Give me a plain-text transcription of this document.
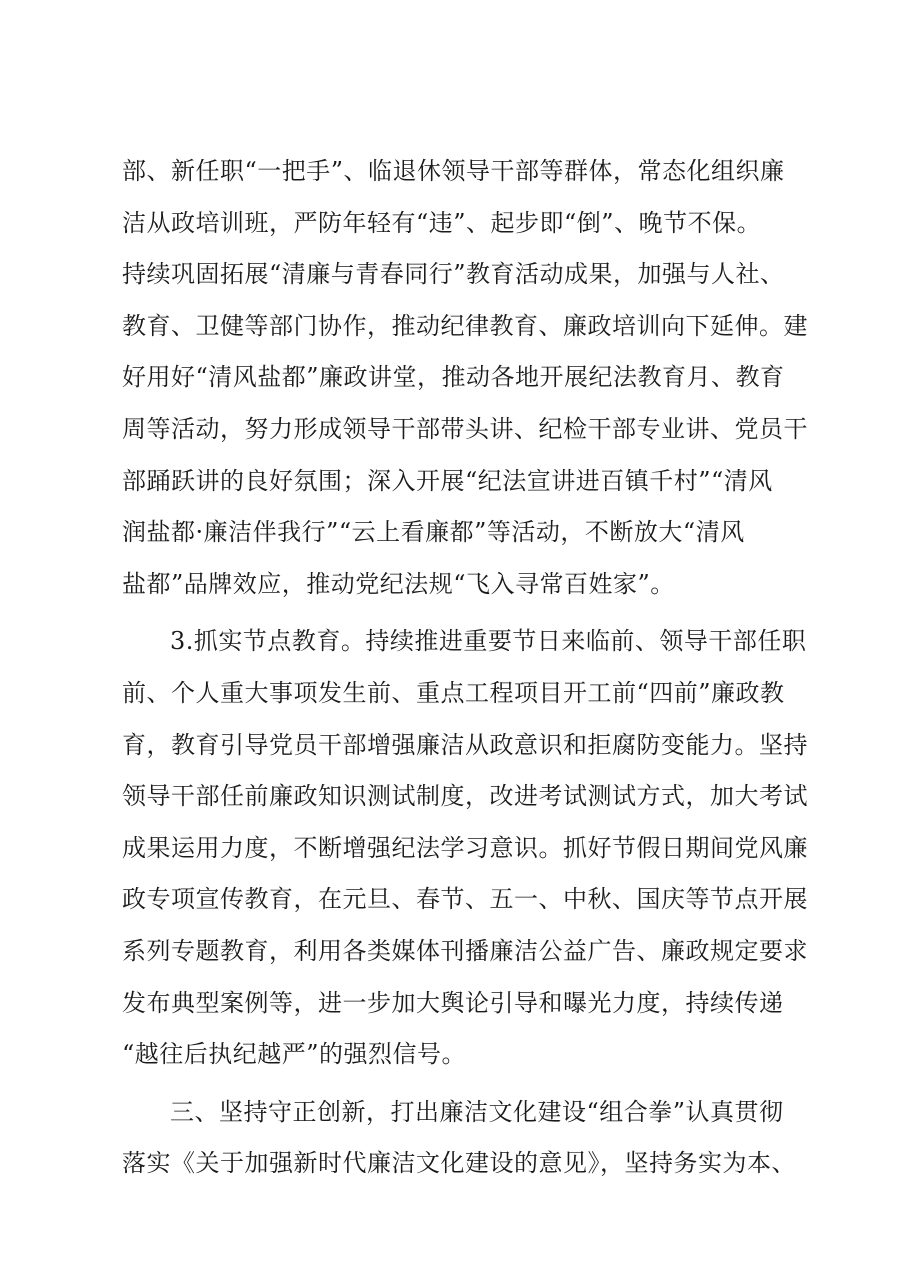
部、新任职“一把手”、临退休领导干部等群体，常态化组织廉
洁从政培训班，严防年轻有“违”、起步即“倒”、晚节不保。
持续巩固拓展“清廉与青春同行”教育活动成果，加强与人社、
教育、卫健等部门协作，推动纪律教育、廉政培训向下延伸。建
好用好“清风盐都”廉政讲堂，推动各地开展纪法教育月、教育
周等活动，努力形成领导干部带头讲、纪检干部专业讲、党员干
部踊跃讲的良好氛围；深入开展“纪法宣讲进百镇千村”“清风
润盐都·廉洁伴我行”“云上看廉都”等活动，不断放大“清风
盐都”品牌效应，推动党纪法规“飞入寻常百姓家”。
3.抓实节点教育。持续推进重要节日来临前、领导干部任职
前、个人重大事项发生前、重点工程项目开工前“四前”廉政教
育，教育引导党员干部增强廉洁从政意识和拒腐防变能力。坚持
领导干部任前廉政知识测试制度，改进考试测试方式，加大考试
成果运用力度，不断增强纪法学习意识。抓好节假日期间党风廉
政专项宣传教育，在元旦、春节、五一、中秋、国庆等节点开展
系列专题教育，利用各类媒体刊播廉洁公益广告、廉政规定要求
发布典型案例等，进一步加大舆论引导和曝光力度，持续传递
“越往后执纪越严”的强烈信号。
三、坚持守正创新，打出廉洁文化建设“组合拳”认真贯彻
落实《关于加强新时代廉洁文化建设的意见》，坚持务实为本、
